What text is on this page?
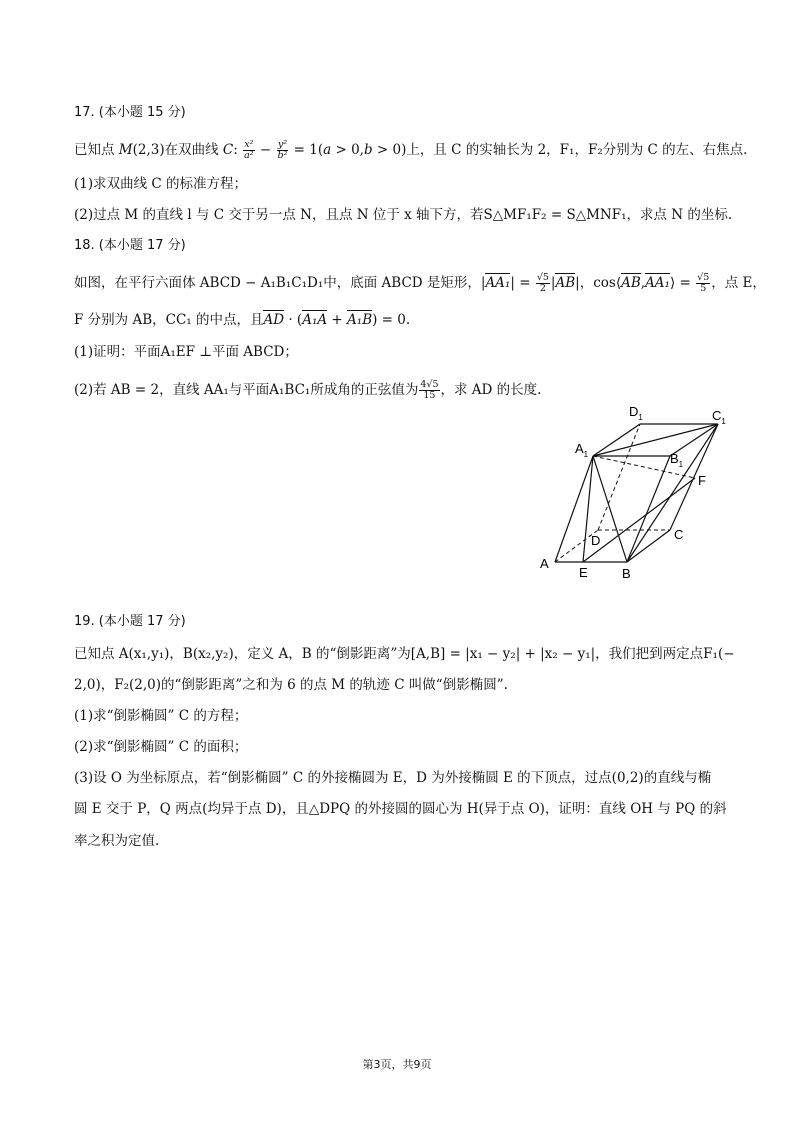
17. (本小题 15 分)
已知点 M(2,3)在双曲线 C: $\frac{\text{x²}}{\text{a²}} - \frac{\text{y²}}{\text{b²}} = 1(a > 0,b > 0)$上，且 C 的实轴长为 2，F₁，F₂分别为 C 的左、右焦点.
(1)求双曲线 C 的标准方程；
(2)过点 M 的直线 l 与 C 交于另一点 N，且点 N 位于 x 轴下方，若S△MF₁F₂ = S△MNF₁，求点 N 的坐标.
18. (本小题 17 分)
如图，在平行六面体 ABCD − A₁B₁C₁D₁中，底面 ABCD 是矩形，$|AA_1| = \frac{√5}{2} |AB|$，cos⟨AB,AA₁⟩ = $\frac{√5}{5}$ ，点 E，
F 分别为 AB，CC₁ 的中点，且AD · (A₁A + A₁B) = 0.
(1)证明：平面A₁EF ⊥平面 ABCD；
(2)若 AB = 2，直线 AA₁与平面A₁BC₁所成角的正弦值为 $\frac{4√5}{15}$ ，求 AD 的长度.
A
E	B
C
D
F
$A_1$	$B_1$
$C_1$
$D_1$
19. (本小题 17 分)
已知点 A(x₁,y₁)，B(x₂,y₂)，定义 A，B 的“倒影距离”为[A,B] = |x₁ − y₂| + |x₂ − y₁|，我们把到两定点F₁(−
2,0)，F₂(2,0)的“倒影距离”之和为 6 的点 M 的轨迹 C 叫做“倒影椭圆”.
(1)求“倒影椭圆” C 的方程；
(2)求“倒影椭圆” C 的面积；
(3)设 O 为坐标原点，若“倒影椭圆” C 的外接椭圆为 E，D 为外接椭圆 E 的下顶点，过点(0,2)的直线与椭
圆 E 交于 P，Q 两点(均异于点 D)，且△DPQ 的外接圆的圆心为 H(异于点 O)，证明：直线 OH 与 PQ 的斜
率之积为定值.
第3页，共9页
